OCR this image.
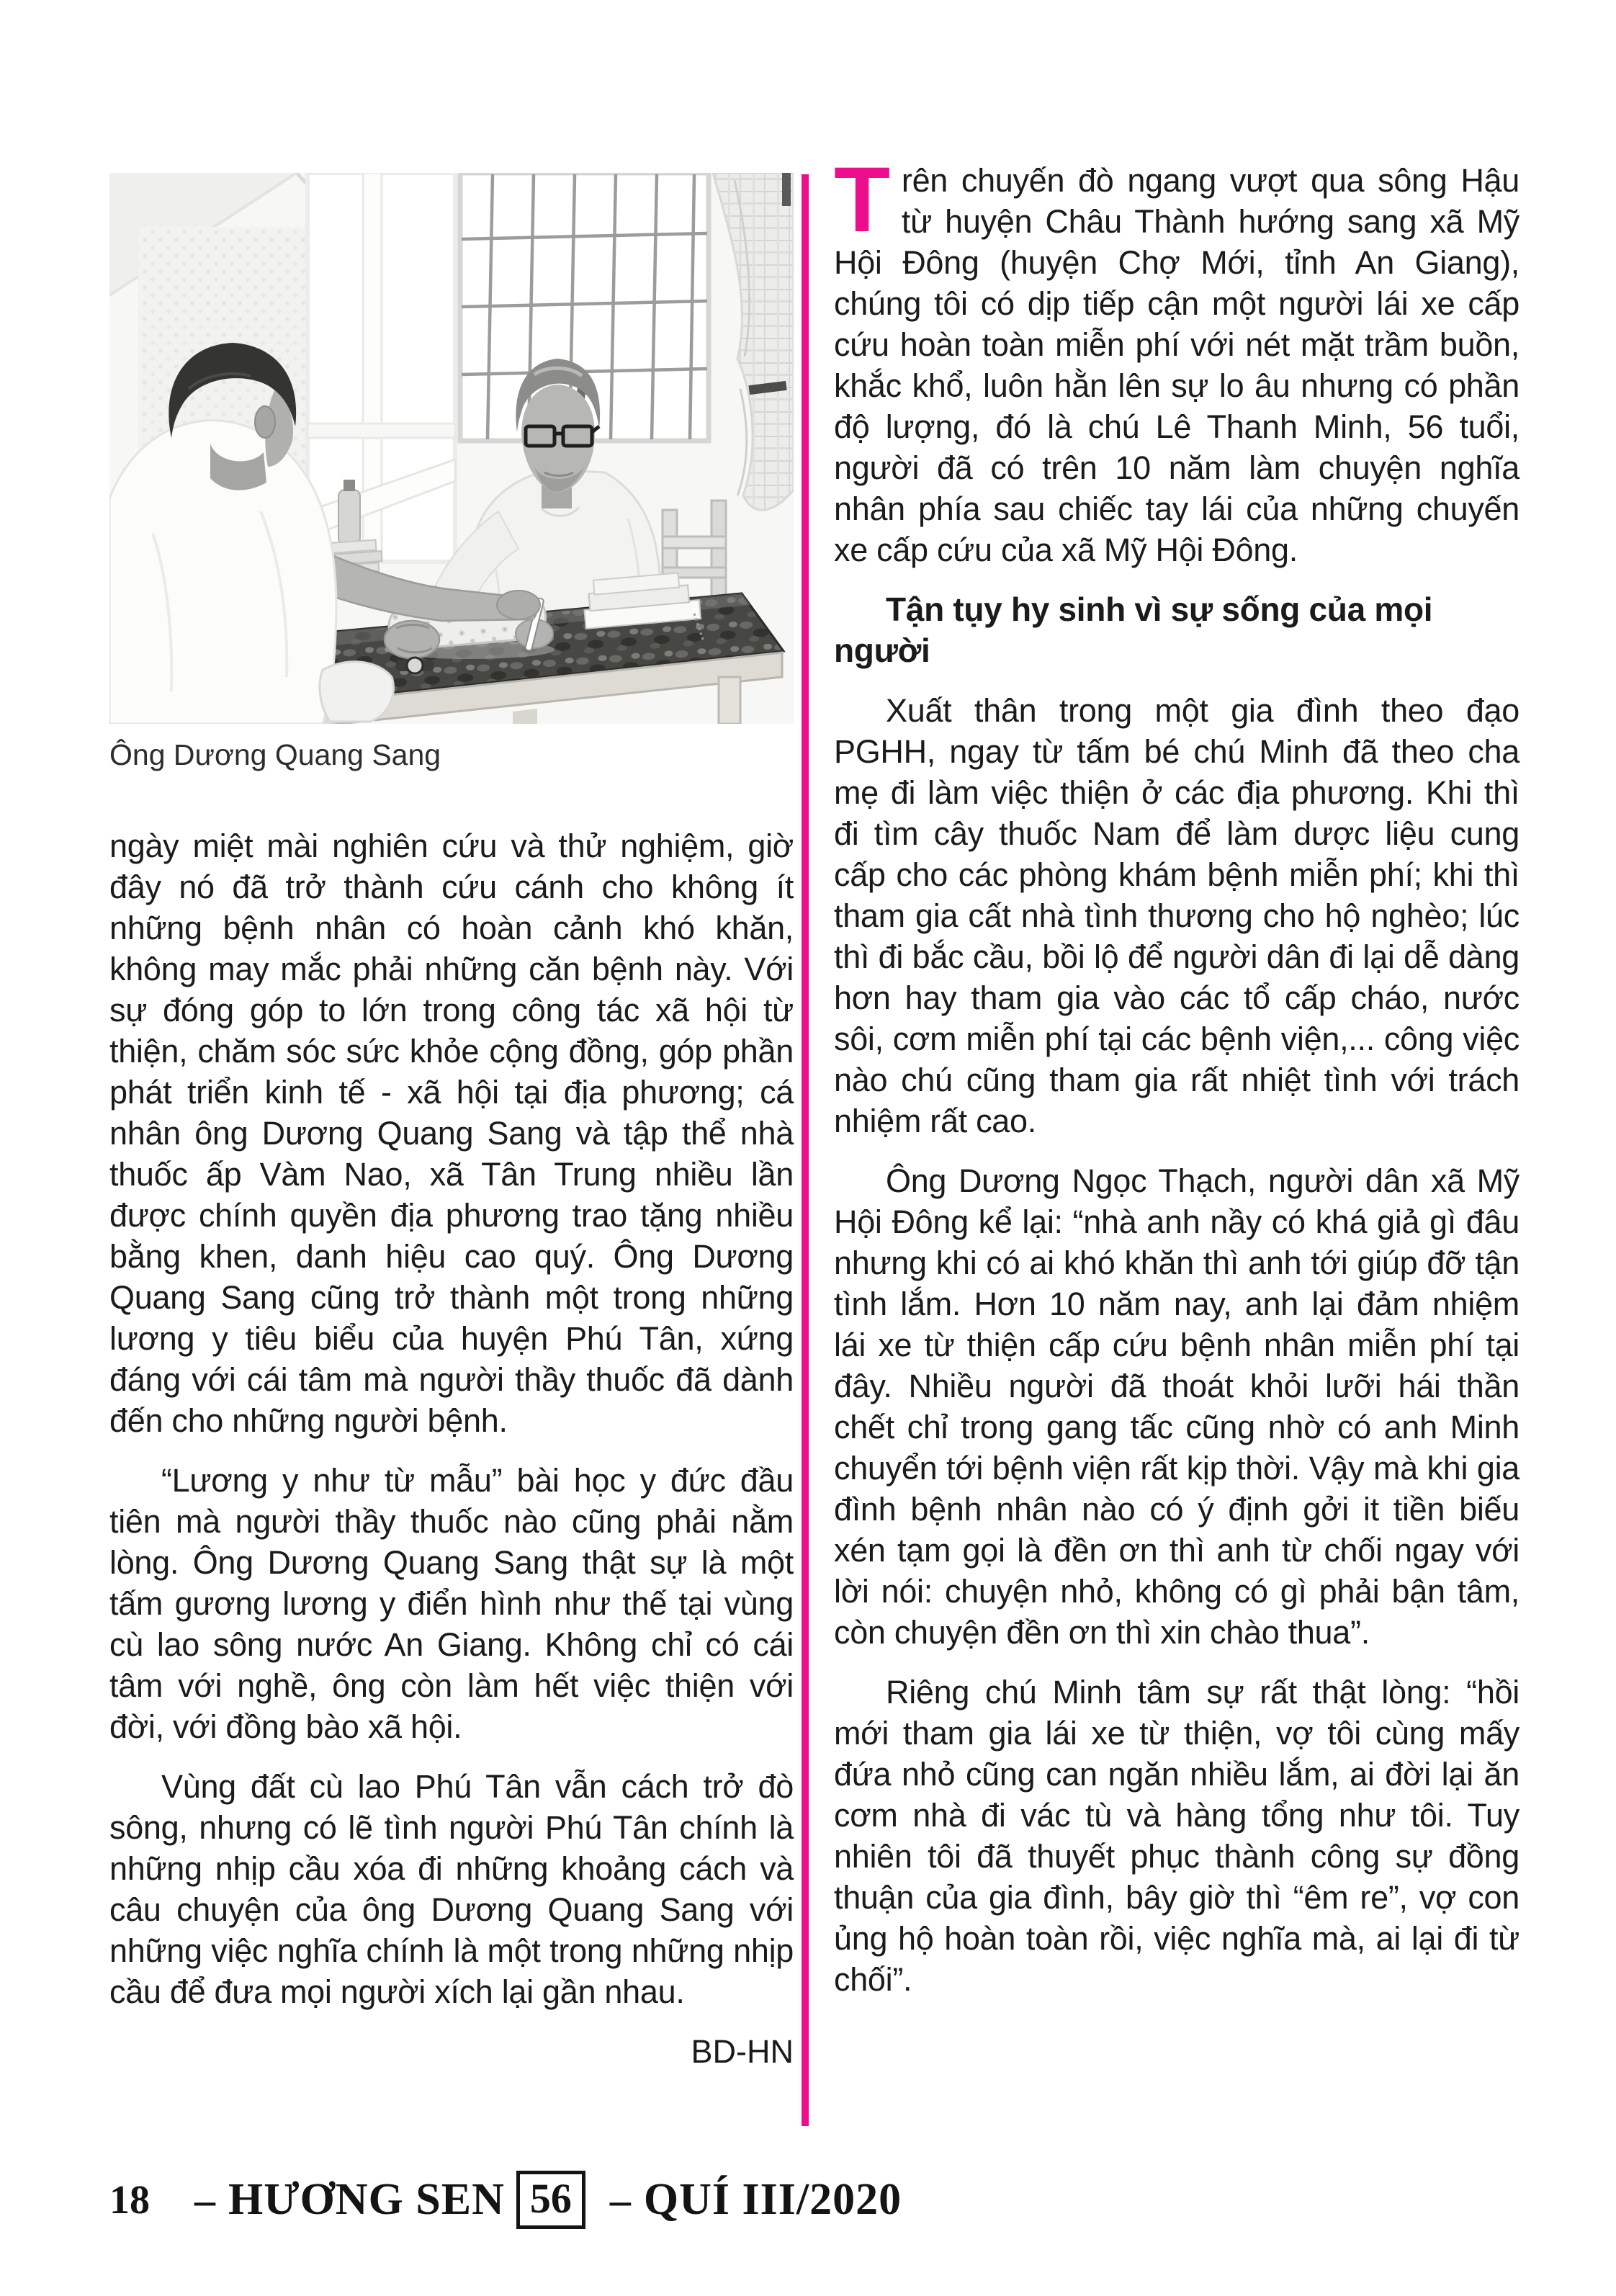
Ông Dương Quang Sang

ngày miệt mài nghiên cứu và thử nghiệm, giờ đây nó đã trở thành cứu cánh cho không ít những bệnh nhân có hoàn cảnh khó khăn, không may mắc phải những căn bệnh này. Với sự đóng góp to lớn trong công tác xã hội từ thiện, chăm sóc sức khỏe cộng đồng, góp phần phát triển kinh tế - xã hội tại địa phương; cá nhân ông Dương Quang Sang và tập thể nhà thuốc ấp Vàm Nao, xã Tân Trung nhiều lần được chính quyền địa phương trao tặng nhiều bằng khen, danh hiệu cao quý. Ông Dương Quang Sang cũng trở thành một trong những lương y tiêu biểu của huyện Phú Tân, xứng đáng với cái tâm mà người thầy thuốc đã dành đến cho những người bệnh.

“Lương y như từ mẫu” bài học y đức đầu tiên mà người thầy thuốc nào cũng phải nằm lòng. Ông Dương Quang Sang thật sự là một tấm gương lương y điển hình như thế tại vùng cù lao sông nước An Giang. Không chỉ có cái tâm với nghề, ông còn làm hết việc thiện với đời, với đồng bào xã hội.

Vùng đất cù lao Phú Tân vẫn cách trở đò sông, nhưng có lẽ tình người Phú Tân chính là những nhịp cầu xóa đi những khoảng cách và câu chuyện của ông Dương Quang Sang với những việc nghĩa chính là một trong những nhịp cầu để đưa mọi người xích lại gần nhau.

BD-HN

Trên chuyến đò ngang vượt qua sông Hậu từ huyện Châu Thành hướng sang xã Mỹ Hội Đông (huyện Chợ Mới, tỉnh An Giang), chúng tôi có dịp tiếp cận một người lái xe cấp cứu hoàn toàn miễn phí với nét mặt trầm buồn, khắc khổ, luôn hằn lên sự lo âu nhưng có phần độ lượng, đó là chú Lê Thanh Minh, 56 tuổi, người đã có trên 10 năm làm chuyện nghĩa nhân phía sau chiếc tay lái của những chuyến xe cấp cứu của xã Mỹ Hội Đông.

Tận tụy hy sinh vì sự sống của mọi người

Xuất thân trong một gia đình theo đạo PGHH, ngay từ tấm bé chú Minh đã theo cha mẹ đi làm việc thiện ở các địa phương. Khi thì đi tìm cây thuốc Nam để làm dược liệu cung cấp cho các phòng khám bệnh miễn phí; khi thì tham gia cất nhà tình thương cho hộ nghèo; lúc thì đi bắc cầu, bồi lộ để người dân đi lại dễ dàng hơn hay tham gia vào các tổ cấp cháo, nước sôi, cơm miễn phí tại các bệnh viện,... công việc nào chú cũng tham gia rất nhiệt tình với trách nhiệm rất cao.

Ông Dương Ngọc Thạch, người dân xã Mỹ Hội Đông kể lại: “nhà anh nầy có khá giả gì đâu nhưng khi có ai khó khăn thì anh tới giúp đỡ tận tình lắm. Hơn 10 năm nay, anh lại đảm nhiệm lái xe từ thiện cấp cứu bệnh nhân miễn phí tại đây. Nhiều người đã thoát khỏi lưỡi hái thần chết chỉ trong gang tấc cũng nhờ có anh Minh chuyển tới bệnh viện rất kịp thời. Vậy mà khi gia đình bệnh nhân nào có ý định gởi it tiền biếu xén tạm gọi là đền ơn thì anh từ chối ngay với lời nói: chuyện nhỏ, không có gì phải bận tâm, còn chuyện đền ơn thì xin chào thua”.

Riêng chú Minh tâm sự rất thật lòng: “hồi mới tham gia lái xe từ thiện, vợ tôi cùng mấy đứa nhỏ cũng can ngăn nhiều lắm, ai đời lại ăn cơm nhà đi vác tù và hàng tổng như tôi. Tuy nhiên tôi đã thuyết phục thành công sự đồng thuận của gia đình, bây giờ thì “êm re”, vợ con ủng hộ hoàn toàn rồi, việc nghĩa mà, ai lại đi từ chối”.

18 – HƯƠNG SEN 56 – QUÍ III/2020
